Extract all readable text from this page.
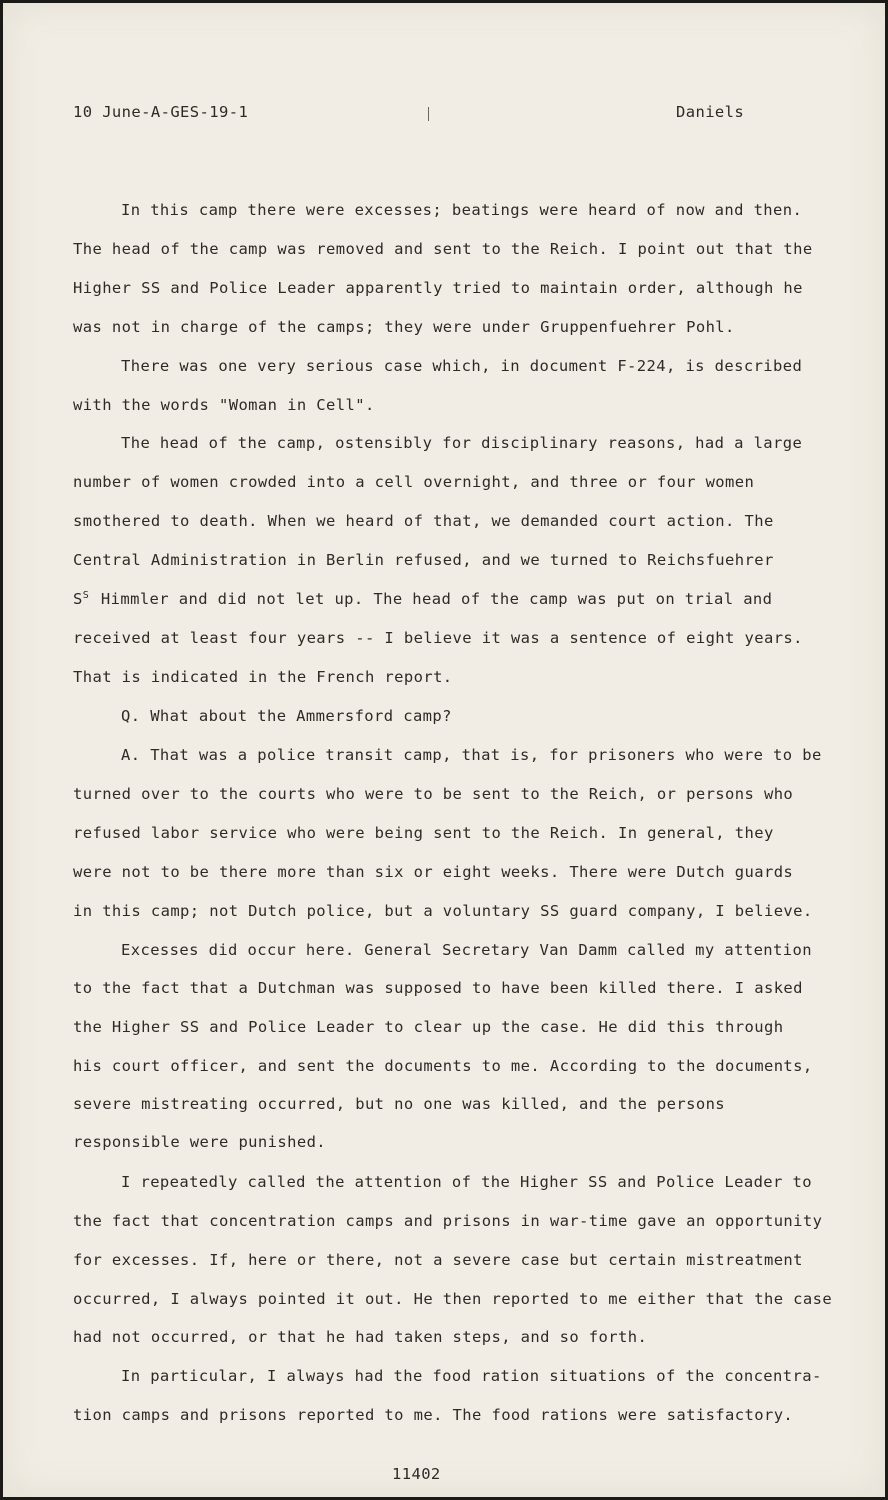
10 June-A-GES-19-1	Daniels
In this camp there were excesses; beatings were heard of now and then.
The head of the camp was removed and sent to the Reich. I point out that the
Higher SS and Police Leader apparently tried to maintain order, although he
was not in charge of the camps; they were under Gruppenfuehrer Pohl.
There was one very serious case which, in document F-224, is described
with the words "Woman in Cell".
The head of the camp, ostensibly for disciplinary reasons, had a large
number of women crowded into a cell overnight, and three or four women
smothered to death. When we heard of that, we demanded court action. The
Central Administration in Berlin refused, and we turned to Reichsfuehrer
$S^S$ Himmler and did not let up. The head of the camp was put on trial and
received at least four years -- I believe it was a sentence of eight years.
That is indicated in the French report.
Q. What about the Ammersford camp?
A. That was a police transit camp, that is, for prisoners who were to be
turned over to the courts who were to be sent to the Reich, or persons who
refused labor service who were being sent to the Reich. In general, they
were not to be there more than six or eight weeks. There were Dutch guards
in this camp; not Dutch police, but a voluntary SS guard company, I believe.
Excesses did occur here. General Secretary Van Damm called my attention
to the fact that a Dutchman was supposed to have been killed there. I asked
the Higher SS and Police Leader to clear up the case. He did this through
his court officer, and sent the documents to me. According to the documents,
severe mistreating occurred, but no one was killed, and the persons
responsible were punished.
I repeatedly called the attention of the Higher SS and Police Leader to
the fact that concentration camps and prisons in war-time gave an opportunity
for excesses. If, here or there, not a severe case but certain mistreatment
occurred, I always pointed it out. He then reported to me either that the case
had not occurred, or that he had taken steps, and so forth.
In particular, I always had the food ration situations of the concentra-
tion camps and prisons reported to me. The food rations were satisfactory.
11402
